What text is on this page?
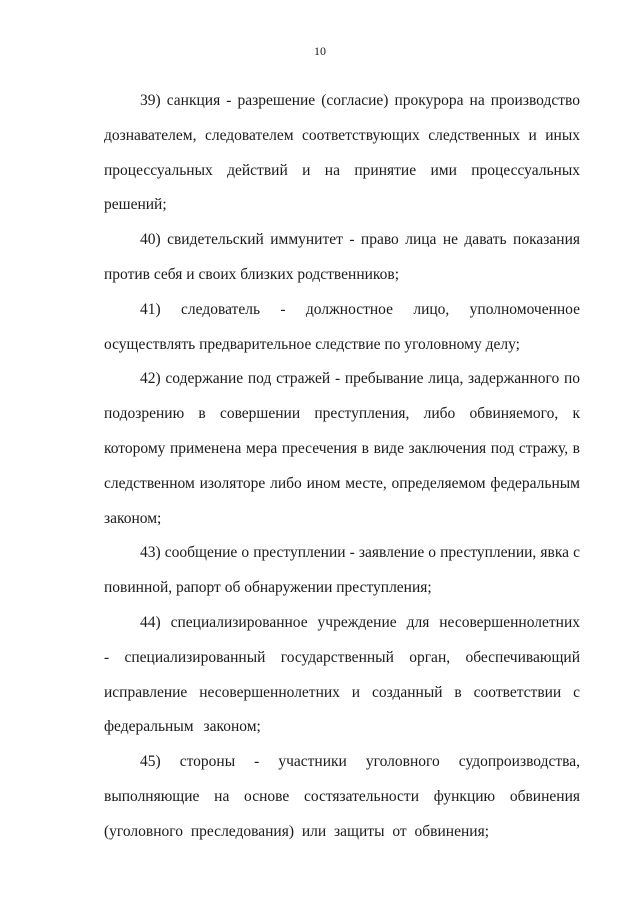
10

39) санкция - разрешение (согласие) прокурора на производство дознавателем, следователем соответствующих следственных и иных процессуальных действий и на принятие ими процессуальных решений;

40) свидетельский иммунитет - право лица не давать показания против себя и своих близких родственников;

41) следователь - должностное лицо, уполномоченное осуществлять предварительное следствие по уголовному делу;

42) содержание под стражей - пребывание лица, задержанного по подозрению в совершении преступления, либо обвиняемого, к которому применена мера пресечения в виде заключения под стражу, в следственном изоляторе либо ином месте, определяемом федеральным законом;

43) сообщение о преступлении - заявление о преступлении, явка с повинной, рапорт об обнаружении преступления;

44) специализированное учреждение для несовершеннолетних - специализированный государственный орган, обеспечивающий исправление несовершеннолетних и созданный в соответствии с федеральным законом;

45) стороны - участники уголовного судопроизводства, выполняющие на основе состязательности функцию обвинения (уголовного преследования) или защиты от обвинения;
